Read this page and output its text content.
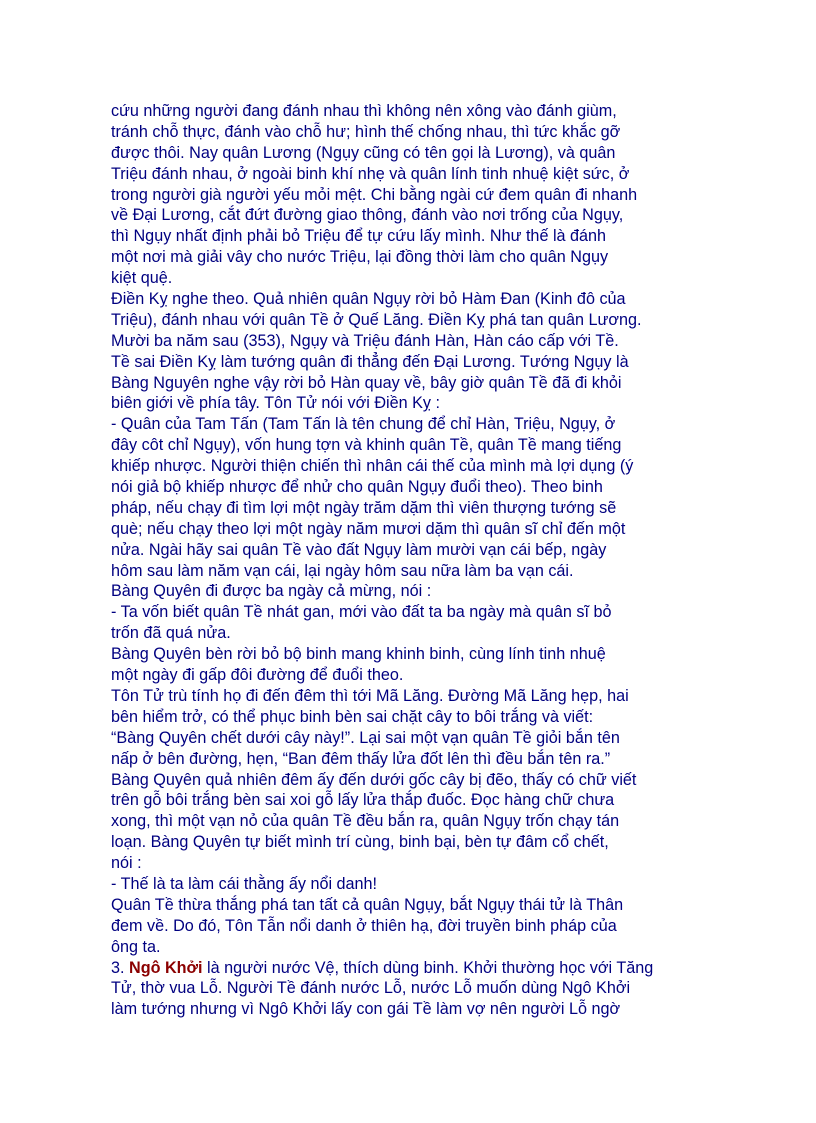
cứu những người đang đánh nhau thì không nên xông vào đánh giùm,
tránh chỗ thực, đánh vào chỗ hư; hình thế chống nhau, thì tức khắc gỡ
được thôi. Nay quân Lương (Ngụy cũng có tên gọi là Lương), và quân
Triệu đánh nhau, ở ngoài binh khí nhẹ và quân lính tinh nhuệ kiệt sức, ở
trong người già người yếu mỏi mệt. Chi bằng ngài cứ đem quân đi nhanh
về Đại Lương, cắt đứt đường giao thông, đánh vào nơi trống của Ngụy,
thì Ngụy nhất định phải bỏ Triệu để tự cứu lấy mình. Như thế là đánh
một nơi mà giải vây cho nước Triệu, lại đồng thời làm cho quân Ngụy
kiệt quệ.
Điền Kỵ nghe theo. Quả nhiên quân Ngụy rời bỏ Hàm Đan (Kinh đô của
Triệu), đánh nhau với quân Tề ở Quế Lăng. Điền Kỵ phá tan quân Lương.
Mười ba năm sau (353), Ngụy và Triệu đánh Hàn, Hàn cáo cấp với Tề.
Tề sai Điền Kỵ làm tướng quân đi thẳng đến Đại Lương. Tướng Ngụy là
Bàng Nguyên nghe vậy rời bỏ Hàn quay về, bây giờ quân Tề đã đi khỏi
biên giới về phía tây. Tôn Tử nói với Điền Kỵ :
- Quân của Tam Tấn (Tam Tấn là tên chung để chỉ Hàn, Triệu, Ngụy, ở
đây côt chỉ Ngụy), vốn hung tợn và khinh quân Tề, quân Tề mang tiếng
khiếp nhược. Người thiện chiến thì nhân cái thế của mình mà lợi dụng (ý
nói giả bộ khiếp nhược để nhử cho quân Ngụy đuổi theo). Theo binh
pháp, nếu chạy đi tìm lợi một ngày trăm dặm thì viên thượng tướng sẽ
què; nếu chạy theo lợi một ngày năm mươi dặm thì quân sĩ chỉ đến một
nửa. Ngài hãy sai quân Tề vào đất Ngụy làm mười vạn cái bếp, ngày
hôm sau làm năm vạn cái, lại ngày hôm sau nữa làm ba vạn cái.
Bàng Quyên đi được ba ngày cả mừng, nói :
- Ta vốn biết quân Tề nhát gan, mới vào đất ta ba ngày mà quân sĩ bỏ
trốn đã quá nửa.
Bàng Quyên bèn rời bỏ bộ binh mang khinh binh, cùng lính tinh nhuệ
một ngày đi gấp đôi đường để đuổi theo.
Tôn Tử trù tính họ đi đến đêm thì tới Mã Lăng. Đường Mã Lăng hẹp, hai
bên hiểm trở, có thể phục binh bèn sai chặt cây to bôi trắng và viết:
“Bàng Quyên chết dưới cây này!”. Lại sai một vạn quân Tề giỏi bắn tên
nấp ở bên đường, hẹn, “Ban đêm thấy lửa đốt lên thì đều bắn tên ra.”
Bàng Quyên quả nhiên đêm ấy đến dưới gốc cây bị đẽo, thấy có chữ viết
trên gỗ bôi trắng bèn sai xoi gỗ lấy lửa thắp đuốc. Đọc hàng chữ chưa
xong, thì một vạn nỏ của quân Tề đều bắn ra, quân Ngụy trốn chạy tán
loạn. Bàng Quyên tự biết mình trí cùng, binh bại, bèn tự đâm cổ chết,
nói :
- Thế là ta làm cái thằng ấy nổi danh!
Quân Tề thừa thắng phá tan tất cả quân Ngụy, bắt Ngụy thái tử là Thân
đem về. Do đó, Tôn Tẫn nổi danh ở thiên hạ, đời truyền binh pháp của
ông ta.
3. Ngô Khởi là người nước Vệ, thích dùng binh. Khởi thường học với Tăng
Tử, thờ vua Lỗ. Người Tề đánh nước Lỗ, nước Lỗ muốn dùng Ngô Khởi
làm tướng nhưng vì Ngô Khởi lấy con gái Tề làm vợ nên người Lỗ ngờ
